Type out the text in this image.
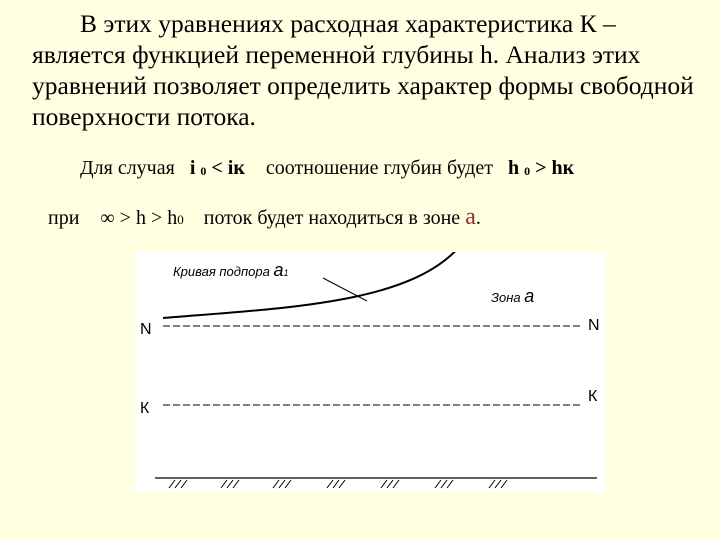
В этих уравнениях расходная характеристика К – является функцией переменной глубины h. Анализ этих уравнений позволяет определить характер формы свободной поверхности потока.

Для случая i 0 < iк соотношение глубин будет h 0 > hк
при ∞ > h > h0 поток будет находиться в зоне а.
Кривая подпора а1
Зона а
N	N
К
К
